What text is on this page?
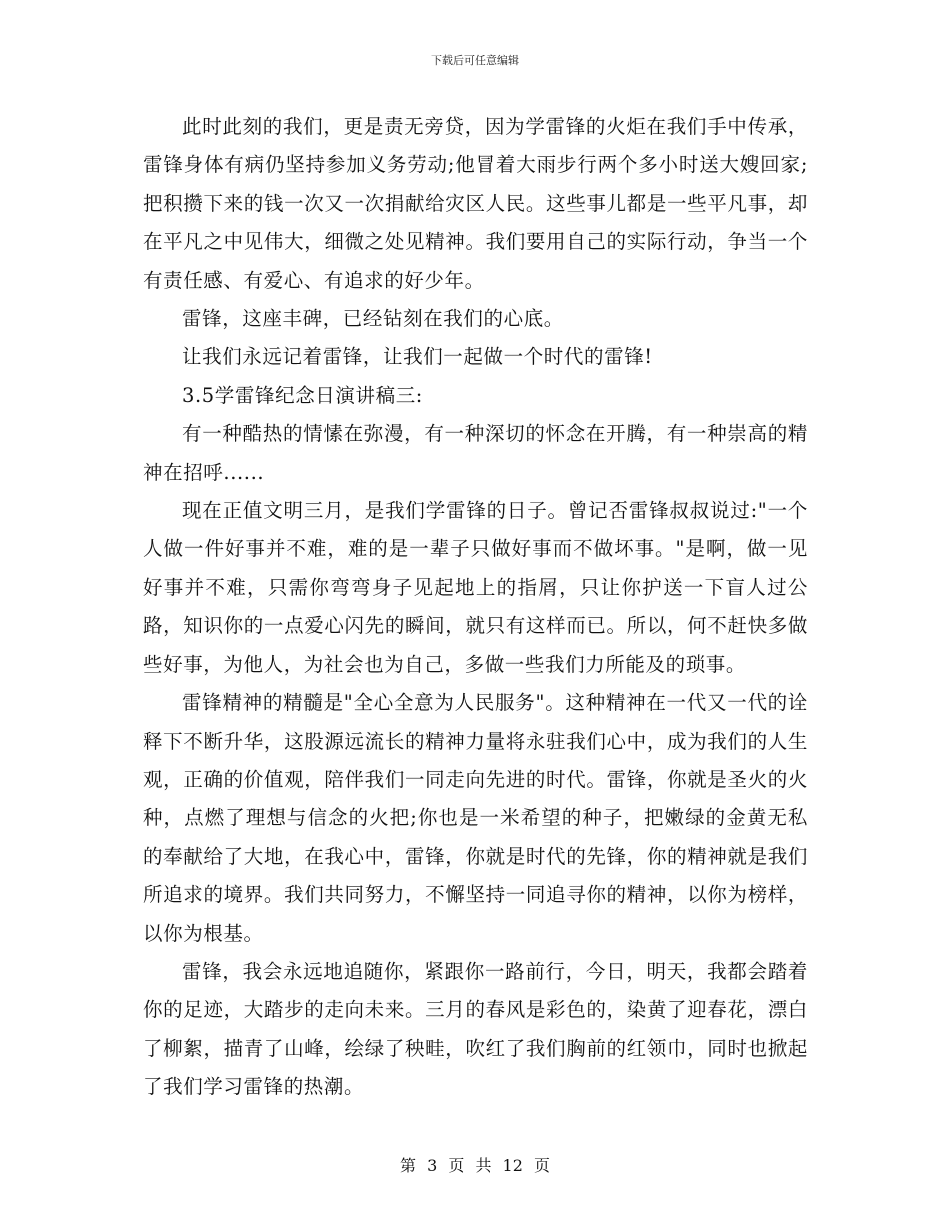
下载后可任意编辑

此时此刻的我们，更是责无旁贷，因为学雷锋的火炬在我们手中传承，雷锋身体有病仍坚持参加义务劳动;他冒着大雨步行两个多小时送大嫂回家;把积攒下来的钱一次又一次捐献给灾区人民。这些事儿都是一些平凡事，却在平凡之中见伟大，细微之处见精神。我们要用自己的实际行动，争当一个有责任感、有爱心、有追求的好少年。

雷锋，这座丰碑，已经钻刻在我们的心底。

让我们永远记着雷锋，让我们一起做一个时代的雷锋!

3.5学雷锋纪念日演讲稿三:

有一种酷热的情愫在弥漫，有一种深切的怀念在开腾，有一种崇高的精神在招呼......

现在正值文明三月，是我们学雷锋的日子。曾记否雷锋叔叔说过:"一个人做一件好事并不难，难的是一辈子只做好事而不做坏事。"是啊，做一见好事并不难，只需你弯弯身子见起地上的指屑，只让你护送一下盲人过公路，知识你的一点爱心闪先的瞬间，就只有这样而已。所以，何不赶快多做些好事，为他人，为社会也为自己，多做一些我们力所能及的琐事。

雷锋精神的精髓是"全心全意为人民服务"。这种精神在一代又一代的诠释下不断升华，这股源远流长的精神力量将永驻我们心中，成为我们的人生观，正确的价值观，陪伴我们一同走向先进的时代。雷锋，你就是圣火的火种，点燃了理想与信念的火把;你也是一米希望的种子，把嫩绿的金黄无私的奉献给了大地，在我心中，雷锋，你就是时代的先锋，你的精神就是我们所追求的境界。我们共同努力，不懈坚持一同追寻你的精神，以你为榜样，以你为根基。

雷锋，我会永远地追随你，紧跟你一路前行，今日，明天，我都会踏着你的足迹，大踏步的走向未来。三月的春风是彩色的，染黄了迎春花，漂白了柳絮，描青了山峰，绘绿了秧畦，吹红了我们胸前的红领巾，同时也掀起了我们学习雷锋的热潮。

第 3 页 共 12 页
